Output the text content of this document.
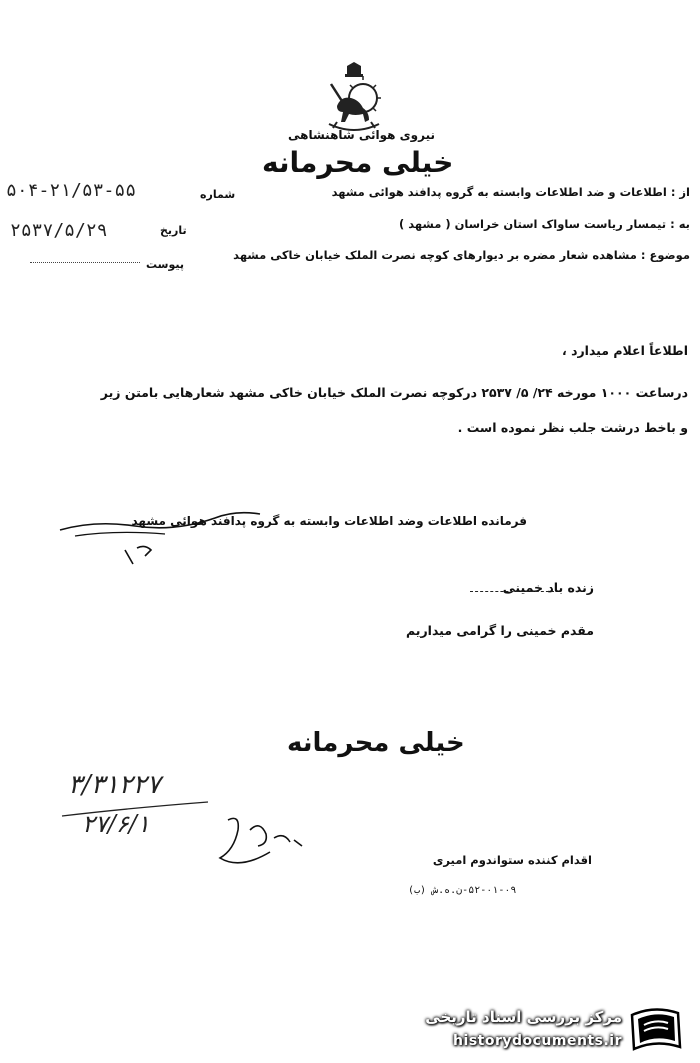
نیروی هوائی شاهنشاهی
خیلی محرمانه
۵۰۴-۲۱/۵۳-۵۵	شماره
۲۵۳۷/۵/۲۹	تاریخ
پیوست
از : اطلاعات و ضد اطلاعات وابسته به گروه پدافند هوائی مشهد
به : تیمسار ریاست ساواک استان خراسان ( مشهد )
موضوع : مشاهده شعار مضره بر دیوارهای کوچه نصرت الملک خیابان خاکی مشهد
اطلاعاً اعلام میدارد ،
درساعت ۱۰۰۰ مورخه ۲۴/ ۵/ ۲۵۳۷ درکوچه نصرت الملک خیابان خاکی مشهد شعارهایی بامتن زیر
و باخط درشت جلب نظر نموده است .
فرمانده اطلاعات وضد اطلاعات وابسته به گروه پدافند هوائی مشهد
زنده باد خمینی
مقدم خمینی را گرامی میداریم
خیلی محرمانه
۳/۳۱۲۲۷
۲۷/۶/۱
اقدام کننده ستواندوم امیری
۵۲-۰۱-۰۹-ن.ه.ش (ب)
مرکز بررسی اسناد تاریخی
historydocuments.ir
